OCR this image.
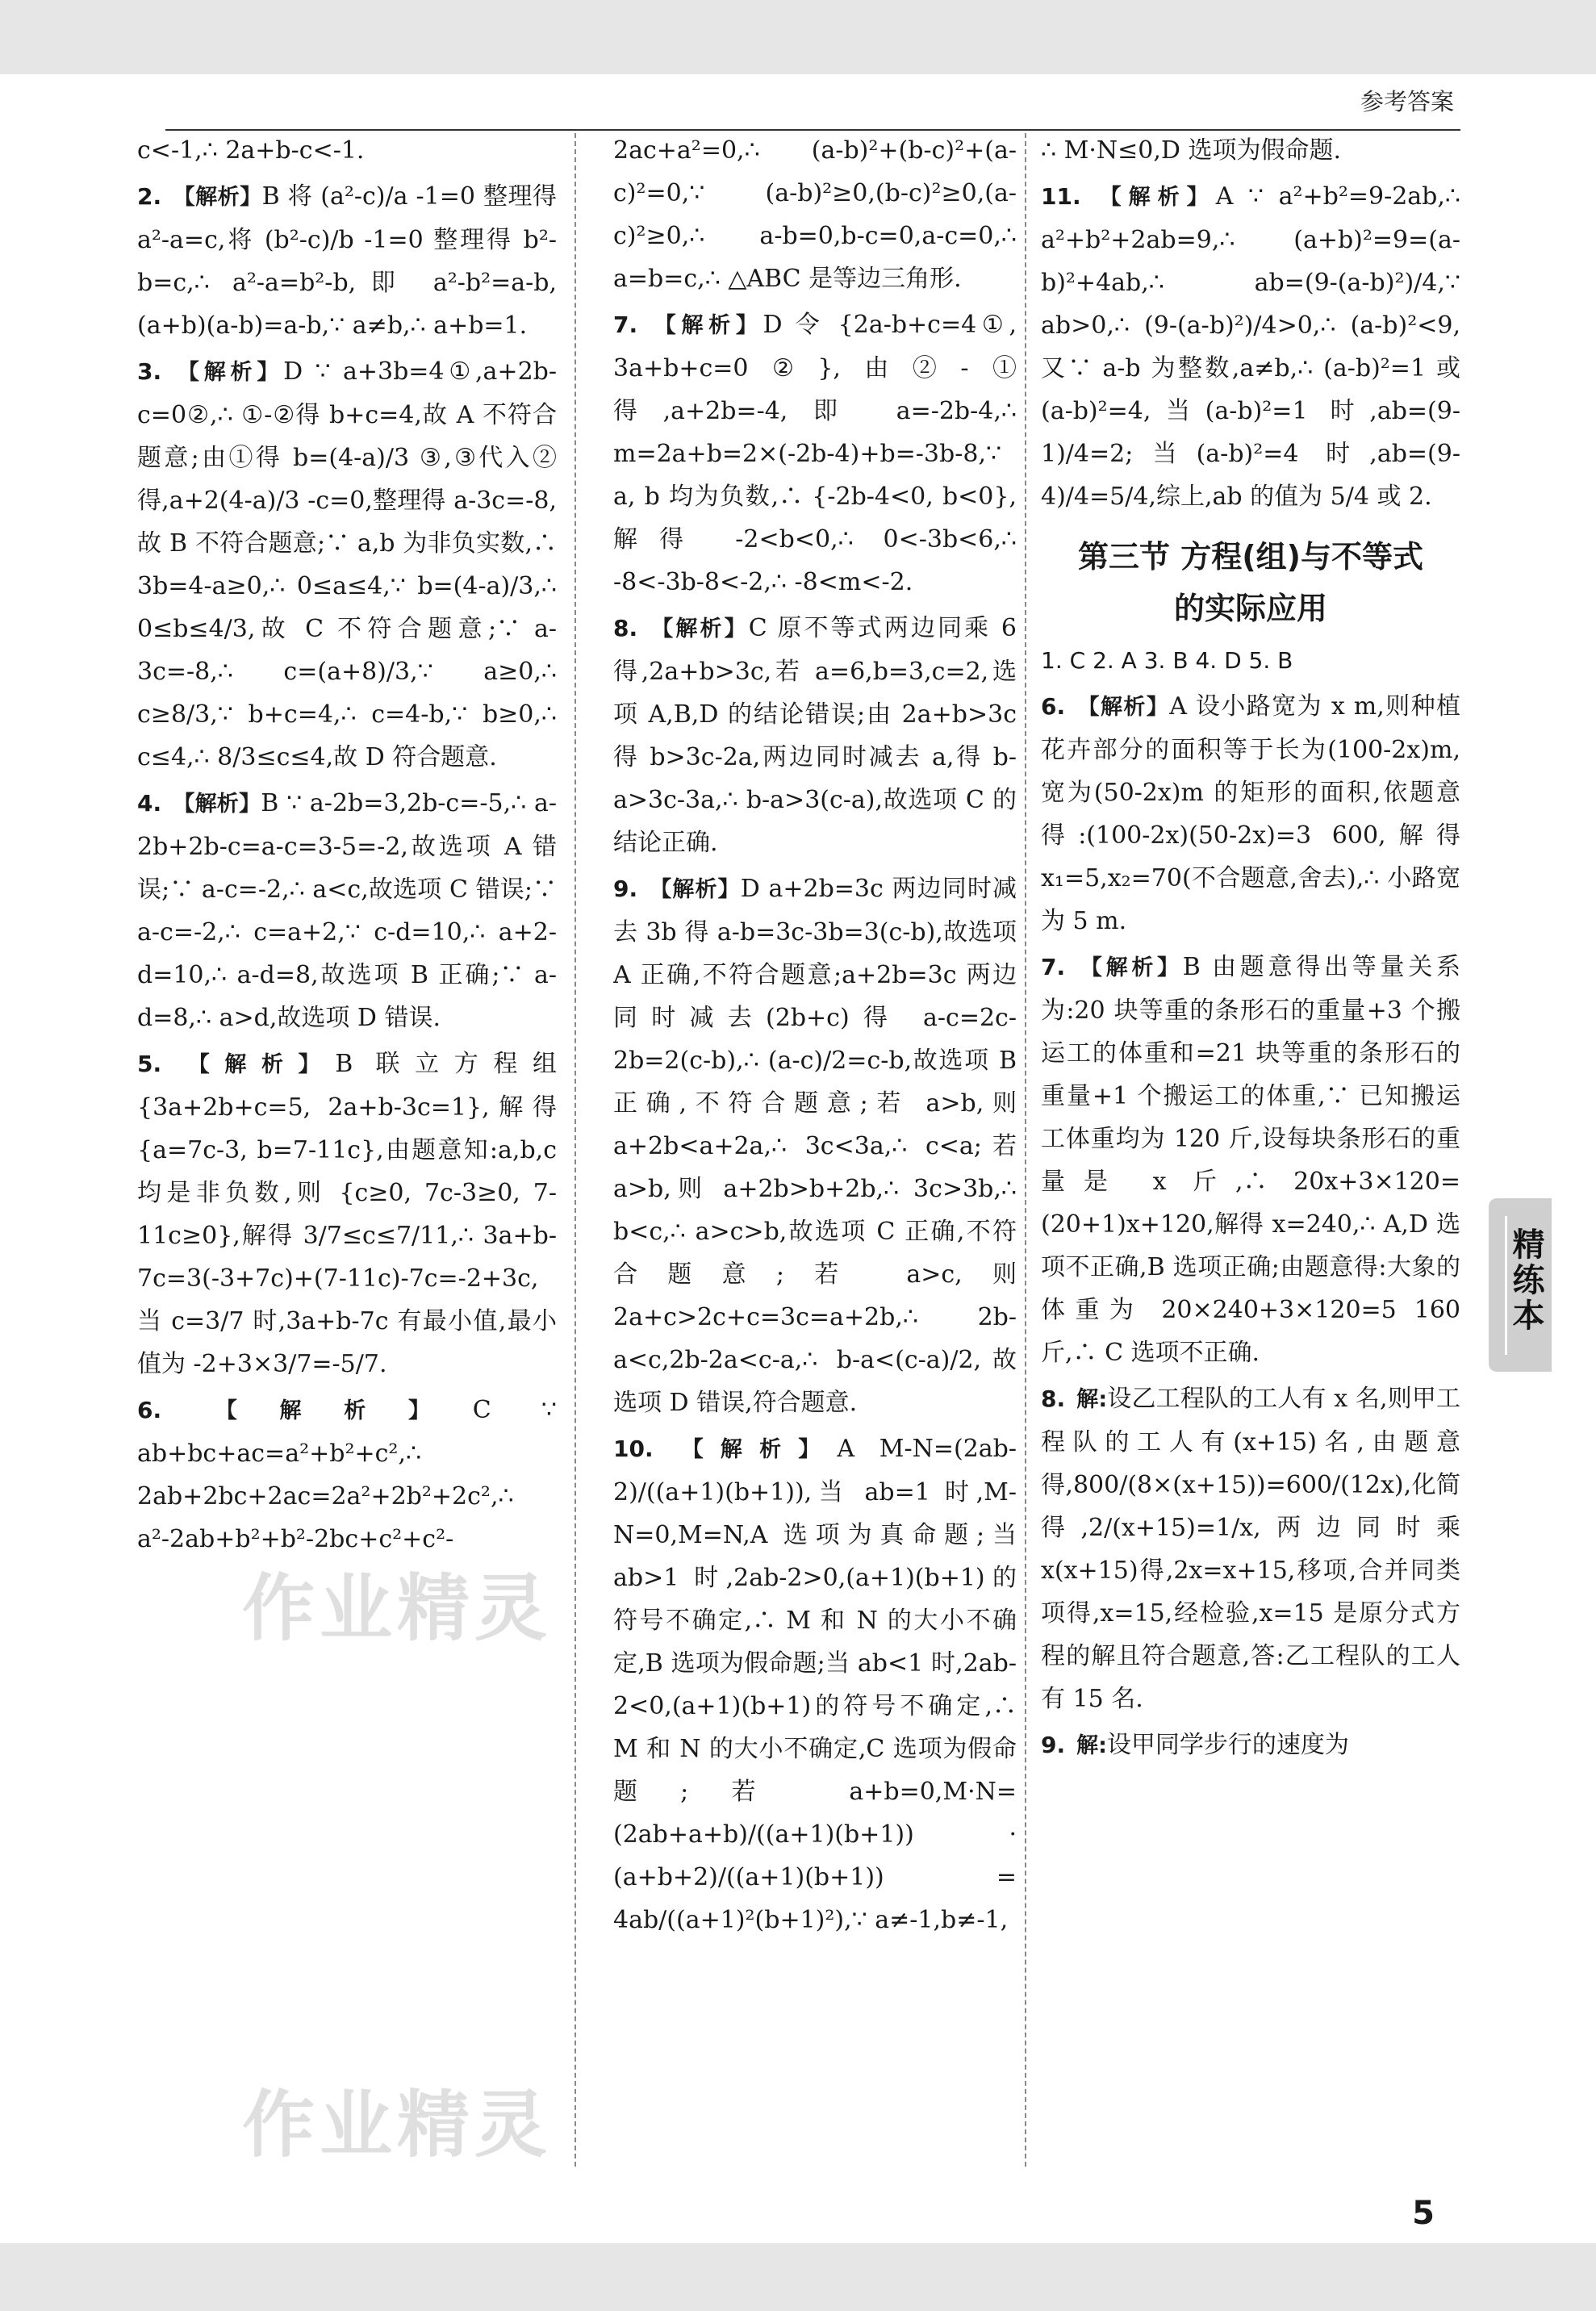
参考答案
c<-1,∴ 2a+b-c<-1.
2. 【解析】B 将 (a²-c)/a -1=0 整理得 a²-a=c,将 (b²-c)/b -1=0 整理得 b²-b=c,∴ a²-a=b²-b,即 a²-b²=a-b,(a+b)(a-b)=a-b,∵ a≠b,∴ a+b=1.
3. 【解析】D ∵ a+3b=4①,a+2b-c=0②,∴ ①-②得 b+c=4,故 A 不符合题意;由①得 b=(4-a)/3 ③,③代入②得,a+2(4-a)/3 -c=0,整理得 a-3c=-8,故 B 不符合题意;∵ a,b 为非负实数,∴ 3b=4-a≥0,∴ 0≤a≤4,∵ b=(4-a)/3,∴ 0≤b≤4/3,故 C 不符合题意;∵ a-3c=-8,∴ c=(a+8)/3,∵ a≥0,∴ c≥8/3,∵ b+c=4,∴ c=4-b,∵ b≥0,∴ c≤4,∴ 8/3≤c≤4,故 D 符合题意.
4. 【解析】B ∵ a-2b=3,2b-c=-5,∴ a-2b+2b-c=a-c=3-5=-2,故选项 A 错误;∵ a-c=-2,∴ a<c,故选项 C 错误;∵ a-c=-2,∴ c=a+2,∵ c-d=10,∴ a+2-d=10,∴ a-d=8,故选项 B 正确;∵ a-d=8,∴ a>d,故选项 D 错误.
5. 【解析】B 联立方程组 {3a+2b+c=5, 2a+b-3c=1},解得 {a=7c-3, b=7-11c},由题意知:a,b,c 均是非负数,则 {c≥0, 7c-3≥0, 7-11c≥0},解得 3/7≤c≤7/11,∴ 3a+b-7c=3(-3+7c)+(7-11c)-7c=-2+3c,当 c=3/7 时,3a+b-7c 有最小值,最小值为 -2+3×3/7=-5/7.
6. 【解析】C ∵ ab+bc+ac=a²+b²+c²,∴ 2ab+2bc+2ac=2a²+2b²+2c²,∴ a²-2ab+b²+b²-2bc+c²+c²-
2ac+a²=0,∴ (a-b)²+(b-c)²+(a-c)²=0,∵ (a-b)²≥0,(b-c)²≥0,(a-c)²≥0,∴ a-b=0,b-c=0,a-c=0,∴ a=b=c,∴ △ABC 是等边三角形.
7. 【解析】D 令 {2a-b+c=4①, 3a+b+c=0②},由②-①得,a+2b=-4,即 a=-2b-4,∴ m=2a+b=2×(-2b-4)+b=-3b-8,∵ a, b 均为负数,∴ {-2b-4<0, b<0},解得 -2<b<0,∴ 0<-3b<6,∴ -8<-3b-8<-2,∴ -8<m<-2.
8. 【解析】C 原不等式两边同乘 6 得,2a+b>3c,若 a=6,b=3,c=2,选项 A,B,D 的结论错误;由 2a+b>3c 得 b>3c-2a,两边同时减去 a,得 b-a>3c-3a,∴ b-a>3(c-a),故选项 C 的结论正确.
9. 【解析】D a+2b=3c 两边同时减去 3b 得 a-b=3c-3b=3(c-b),故选项 A 正确,不符合题意;a+2b=3c 两边同时减去(2b+c)得 a-c=2c-2b=2(c-b),∴ (a-c)/2=c-b,故选项 B 正确,不符合题意;若 a>b,则 a+2b<a+2a,∴ 3c<3a,∴ c<a;若 a>b,则 a+2b>b+2b,∴ 3c>3b,∴ b<c,∴ a>c>b,故选项 C 正确,不符合题意;若 a>c,则 2a+c>2c+c=3c=a+2b,∴ 2b-a<c,2b-2a<c-a,∴ b-a<(c-a)/2,故选项 D 错误,符合题意.
10. 【解析】A M-N=(2ab-2)/((a+1)(b+1)),当 ab=1 时,M-N=0,M=N,A 选项为真命题;当 ab>1 时,2ab-2>0,(a+1)(b+1)的符号不确定,∴ M 和 N 的大小不确定,B 选项为假命题;当 ab<1 时,2ab-2<0,(a+1)(b+1)的符号不确定,∴ M 和 N 的大小不确定,C 选项为假命题;若 a+b=0,M·N=(2ab+a+b)/((a+1)(b+1)) · (a+b+2)/((a+1)(b+1)) = 4ab/((a+1)²(b+1)²),∵ a≠-1,b≠-1,
∴ M·N≤0,D 选项为假命题.
11. 【解析】A ∵ a²+b²=9-2ab,∴ a²+b²+2ab=9,∴ (a+b)²=9=(a-b)²+4ab,∴ ab=(9-(a-b)²)/4,∵ ab>0,∴ (9-(a-b)²)/4>0,∴ (a-b)²<9,又∵ a-b 为整数,a≠b,∴ (a-b)²=1 或(a-b)²=4,当(a-b)²=1 时,ab=(9-1)/4=2;当(a-b)²=4 时,ab=(9-4)/4=5/4,综上,ab 的值为 5/4 或 2.
第三节 方程(组)与不等式
的实际应用
1. C 2. A 3. B 4. D 5. B
6. 【解析】A 设小路宽为 x m,则种植花卉部分的面积等于长为(100-2x)m,宽为(50-2x)m 的矩形的面积,依题意得:(100-2x)(50-2x)=3 600,解得 x₁=5,x₂=70(不合题意,舍去),∴ 小路宽为 5 m.
7. 【解析】B 由题意得出等量关系为:20 块等重的条形石的重量+3 个搬运工的体重和=21 块等重的条形石的重量+1 个搬运工的体重,∵ 已知搬运工体重均为 120 斤,设每块条形石的重量是 x 斤,∴ 20x+3×120=(20+1)x+120,解得 x=240,∴ A,D 选项不正确,B 选项正确;由题意得:大象的体重为 20×240+3×120=5 160 斤,∴ C 选项不正确.
8. 解:设乙工程队的工人有 x 名,则甲工程队的工人有(x+15)名,由题意得,800/(8×(x+15))=600/(12x),化简得,2/(x+15)=1/x,两边同时乘 x(x+15)得,2x=x+15,移项,合并同类项得,x=15,经检验,x=15 是原分式方程的解且符合题意,答:乙工程队的工人有 15 名.
9. 解:设甲同学步行的速度为
精练本
作业精灵
作业精灵
5
